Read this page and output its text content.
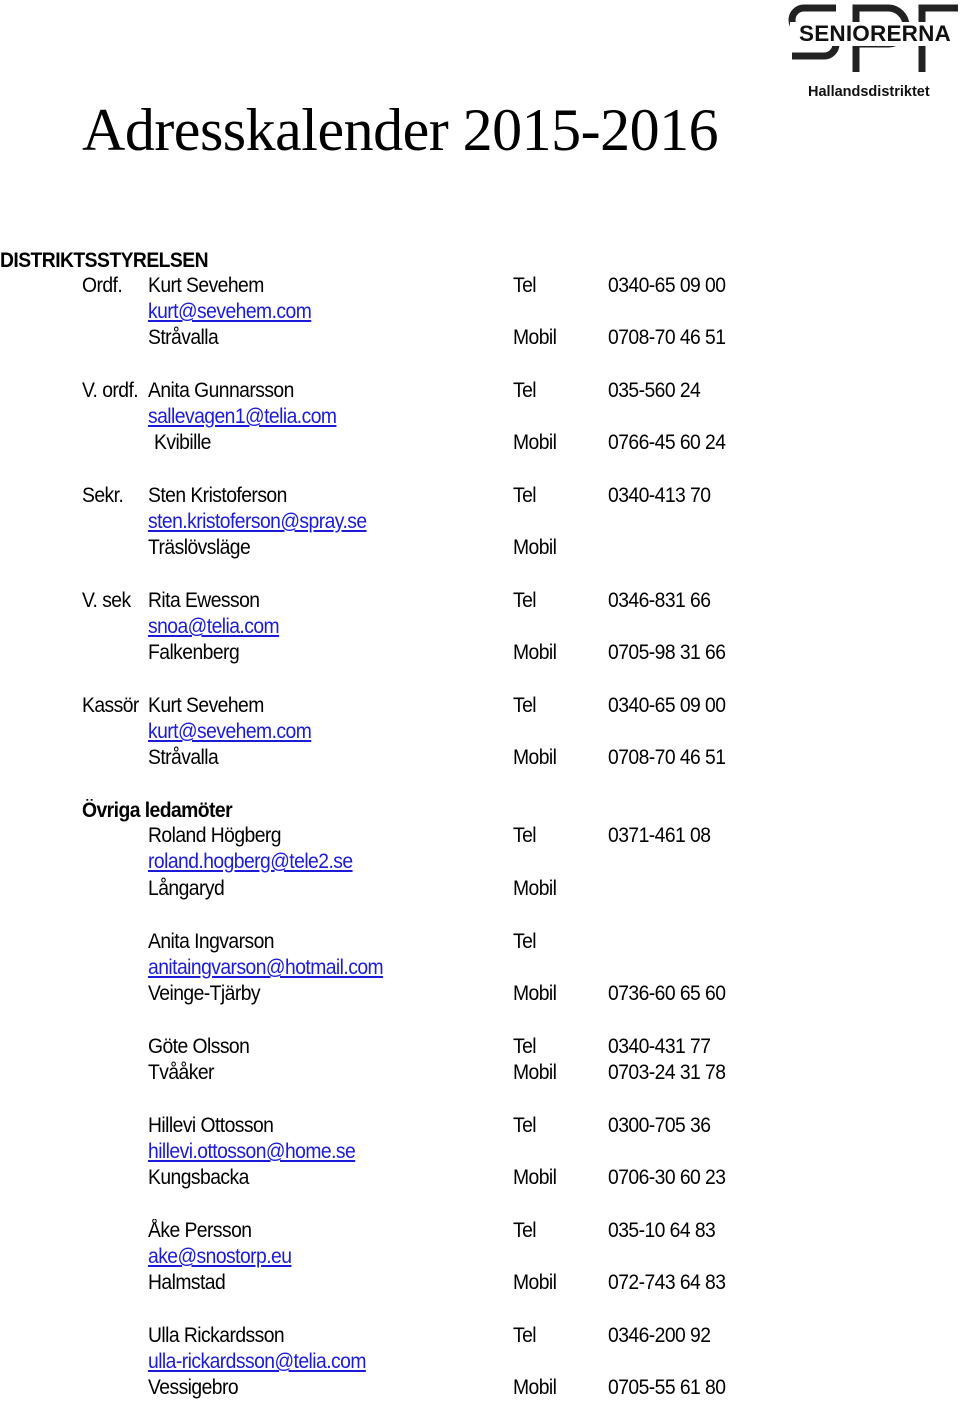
SENIORERNA
Hallandsdistriktet
Adresskalender 2015-2016
DISTRIKTSSTYRELSEN
Ordf. Kurt Sevehem	Tel	0340-65 09 00
kurt@sevehem.com
Stråvalla	Mobil 0708-70 46 51
V. ordf. Anita Gunnarsson	Tel	035-560 24
sallevagen1@telia.com
Kvibille	Mobil 0766-45 60 24
Sekr. Sten Kristoferson	Tel	0340-413 70
sten.kristoferson@spray.se
Träslövsläge	Mobil
V. sek Rita Ewesson	Tel	0346-831 66
snoa@telia.com
Falkenberg	Mobil 0705-98 31 66
Kassör Kurt Sevehem	Tel	0340-65 09 00
kurt@sevehem.com
Stråvalla	Mobil 0708-70 46 51
Övriga ledamöter
Roland Högberg	Tel	0371-461 08
roland.hogberg@tele2.se
Långaryd	Mobil
Anita Ingvarson	Tel
anitaingvarson@hotmail.com
Veinge-Tjärby	Mobil 0736-60 65 60
Göte Olsson	Tel	0340-431 77
Tvååker	Mobil 0703-24 31 78
Hillevi Ottosson	Tel	0300-705 36
hillevi.ottosson@home.se
Kungsbacka	Mobil 0706-30 60 23
Åke Persson	Tel	035-10 64 83
ake@snostorp.eu
Halmstad	Mobil 072-743 64 83
Ulla Rickardsson	Tel	0346-200 92
ulla-rickardsson@telia.com
Vessigebro	Mobil 0705-55 61 80
